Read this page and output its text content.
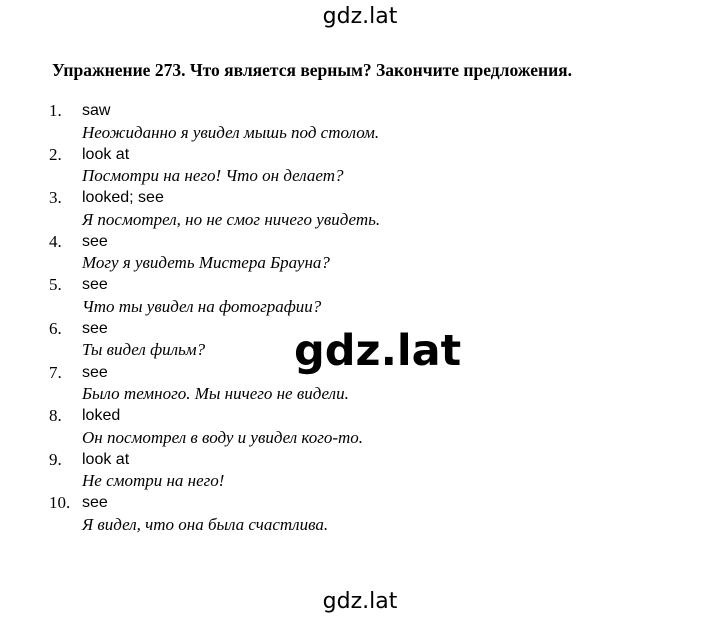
gdz.lat
Упражнение 273. Что является верным? Закончите предложения.
1.	saw
Неожиданно я увидел мышь под столом.
2.	look at
Посмотри на него! Что он делает?
3.	looked; see
Я посмотрел, но не смог ничего увидеть.
4.	see
Могу я увидеть Мистера Брауна?
5.	see
Что ты увидел на фотографии?
6.	see
Ты видел фильм?
7.	see
Было темного. Мы ничего не видели.
8.	loked
Он посмотрел в воду и увидел кого-то.
9.	look at
Не смотри на него!
10. see
Я видел, что она была счастлива.
gdz.lat
gdz.lat
